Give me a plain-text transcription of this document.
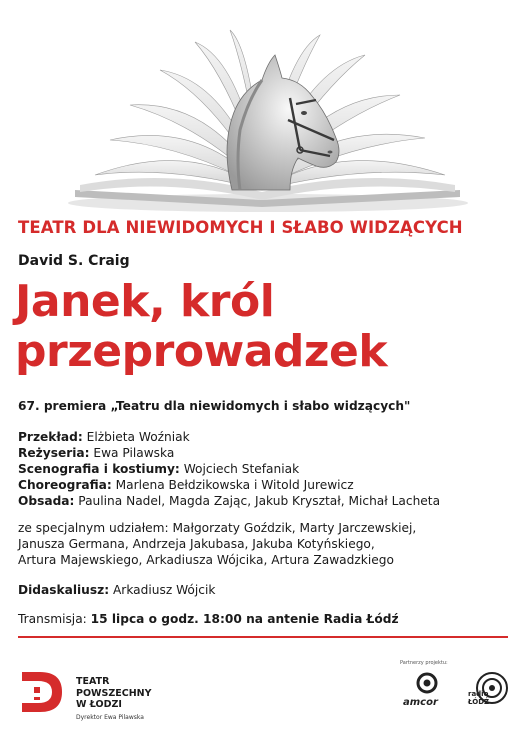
TEATR DLA NIEWIDOMYCH I SŁABO WIDZĄCYCH
David S. Craig
Janek, król
przeprowadzek
67. premiera „Teatru dla niewidomych i słabo widzących"
Przekład: Elżbieta Woźniak
Reżyseria: Ewa Pilawska
Scenografia i kostiumy: Wojciech Stefaniak
Choreografia: Marlena Bełdzikowska i Witold Jurewicz
Obsada: Paulina Nadel, Magda Zając, Jakub Kryształ, Michał Lacheta
ze specjalnym udziałem: Małgorzaty Goździk, Marty Jarczewskiej,
Janusza Germana, Andrzeja Jakubasa, Jakuba Kotyńskiego,
Artura Majewskiego, Arkadiusza Wójcika, Artura Zawadzkiego
Didaskaliusz: Arkadiusz Wójcik
Transmisja: 15 lipca o godz. 18:00 na antenie Radia Łódź
TEATR
POWSZECHNY
W ŁODZI
Dyrektor Ewa Pilawska
Partnerzy projektu:
amcor
radio
ŁÓDŹ
